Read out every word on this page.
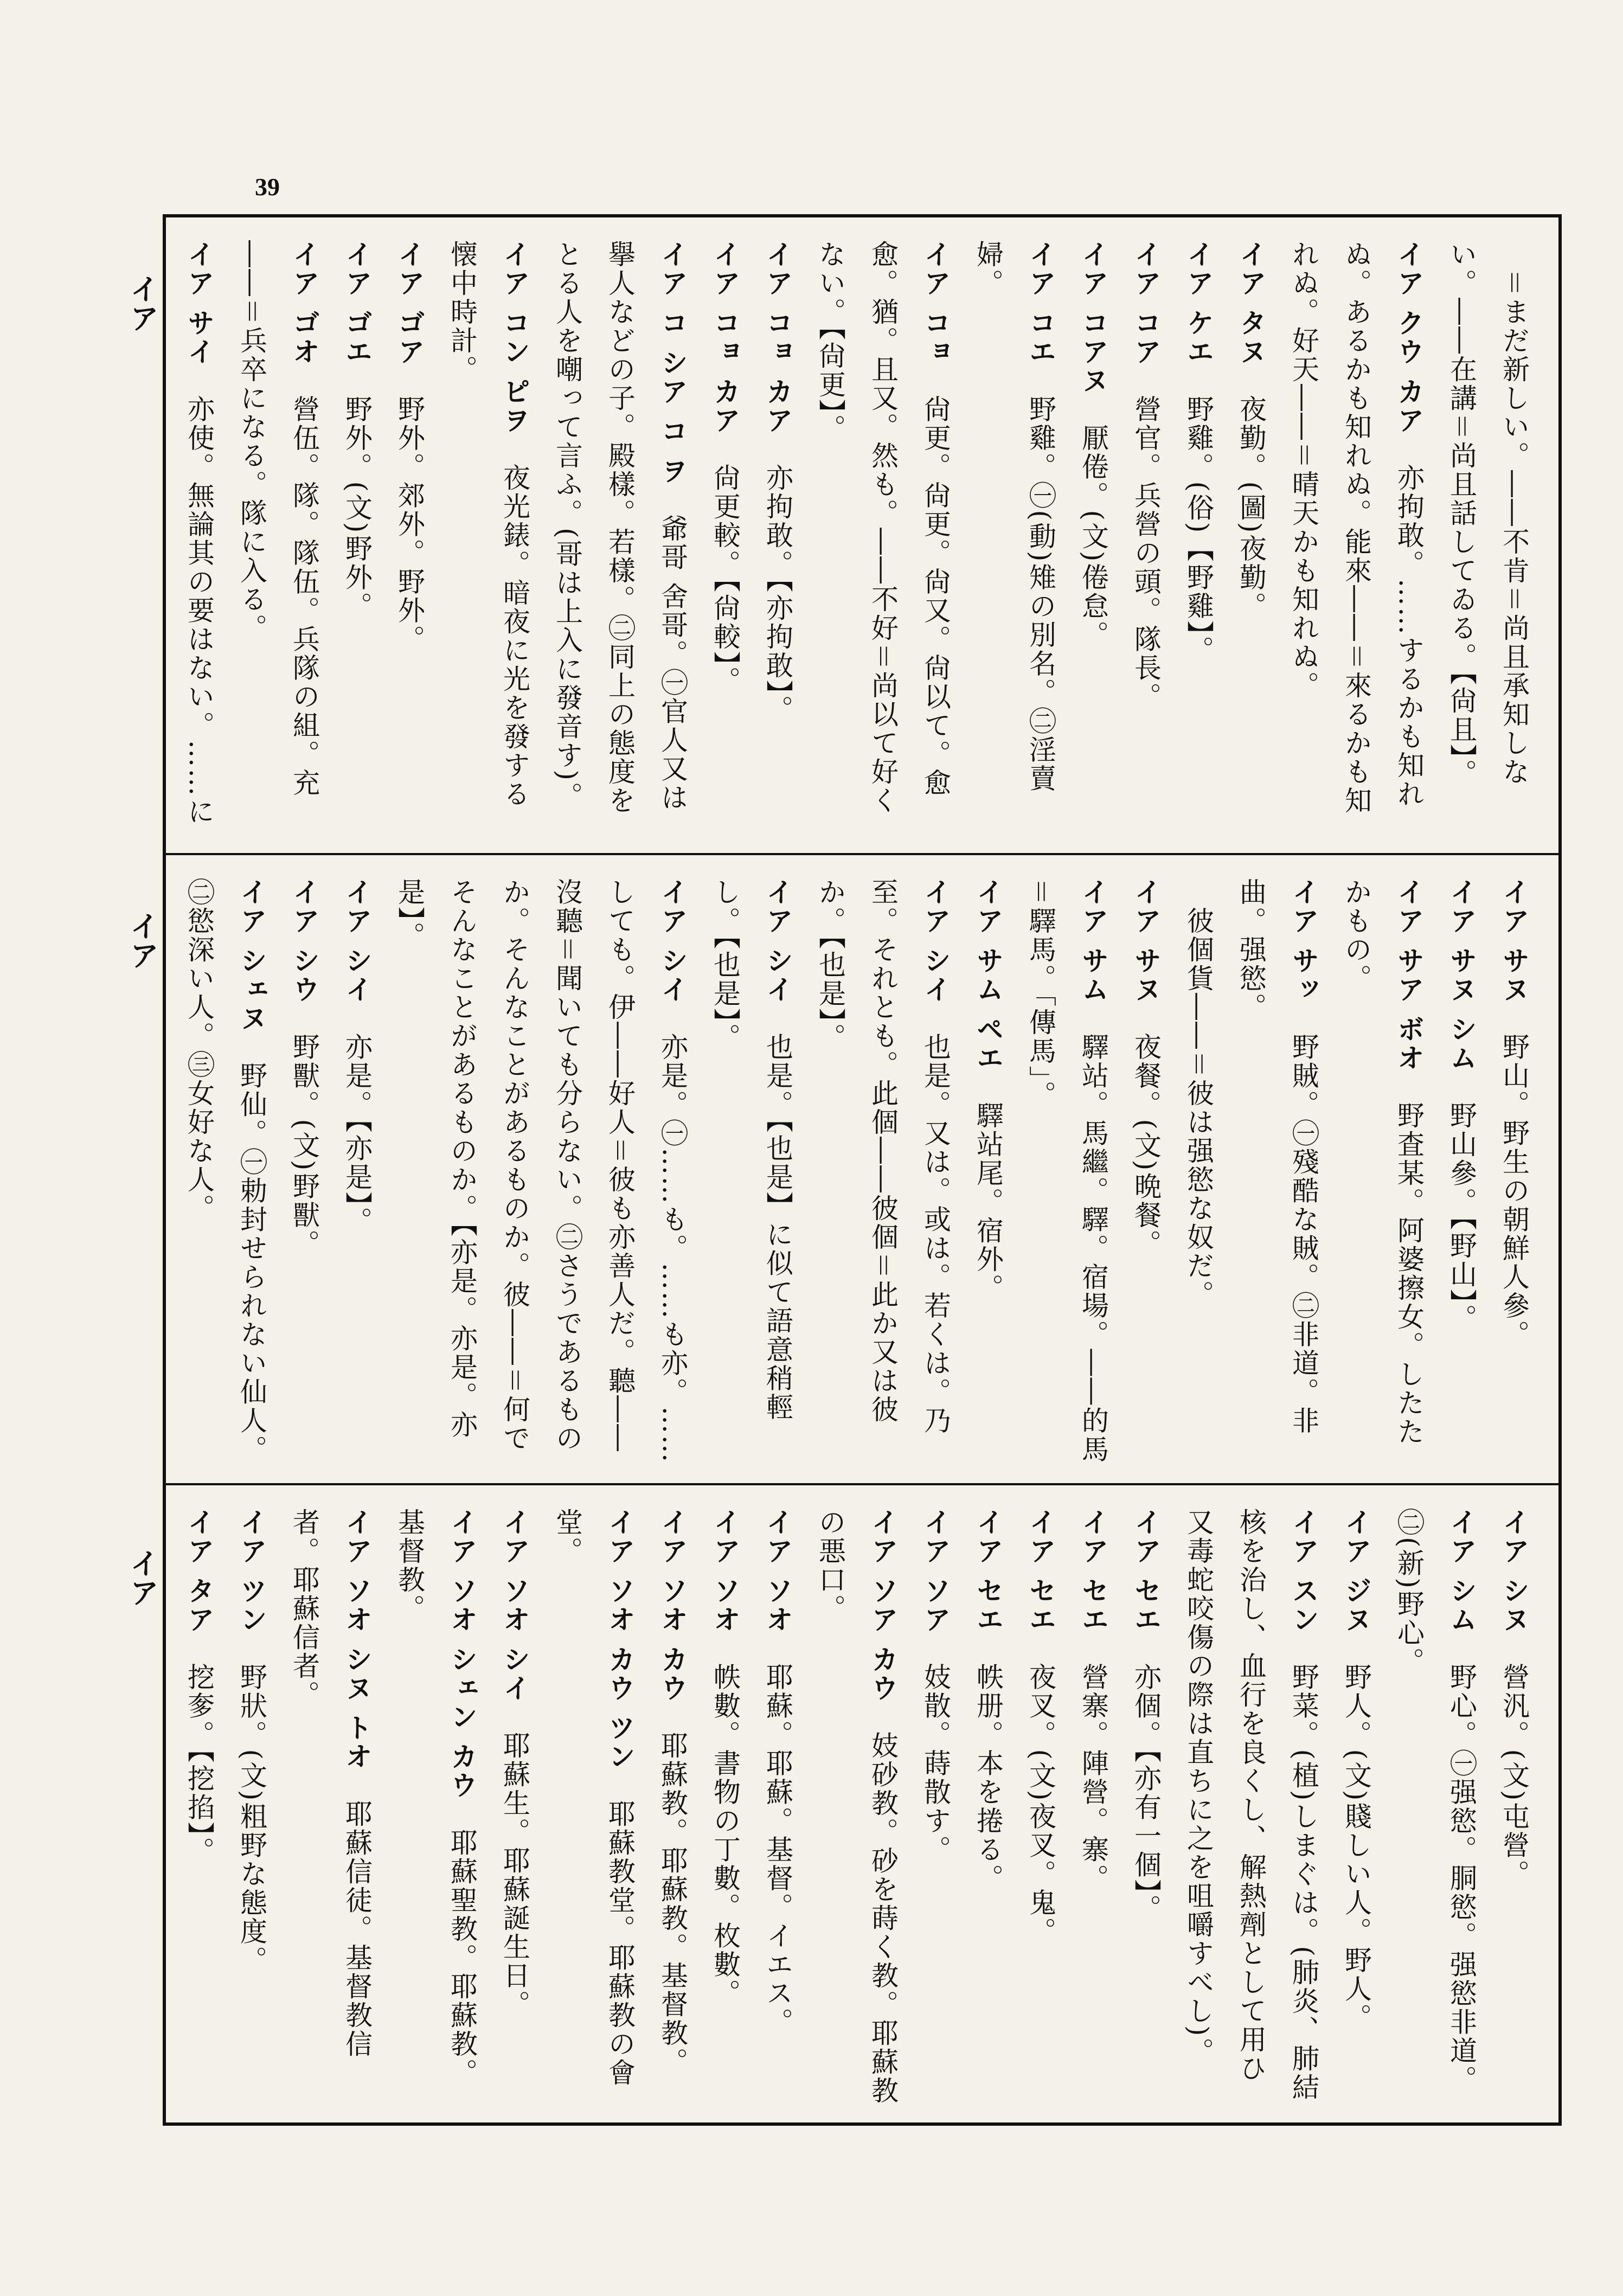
39
イア
イア
イア

　＝まだ新しい。――不肯＝尚且承知しない。――在講＝尚且話してゐる。【尙且】。

イア クウ カア　亦拘敢。……するかも知れぬ。あるかも知れぬ。能來――＝來るかも知れぬ。好天――＝晴天かも知れぬ。

イア タヌ　夜勤。(圖)夜勤。

イア ケエ　野雞。(俗)【野雞】。

イア コア　營官。兵營の頭。隊長。

イア コアヌ　厭倦。(文)倦怠。

イア コエ　野雞。㊀(動)雉の別名。㊁淫賣婦。

イア コョ　尙更。尙更。尙又。尙以て。愈愈。猶。且又。然も。――不好＝尚以て好くない。【尙更】。

イア コョ カア　亦拘敢。【亦拘敢】。

イア コョ カア　尙更較。【尙較】。

イア コ シア コ ヲ　爺哥 舍哥。㊀官人又は擧人などの子。殿樣。若樣。㊁同上の態度をとる人を嘲って言ふ。(哥は上入に發音す)。

イア コン ピヲ　夜光錶。暗夜に光を發する懐中時計。

イア ゴア　野外。郊外。野外。

イア ゴエ　野外。(文)野外。

イア ゴオ　營伍。隊。隊伍。兵隊の組。充――＝兵卒になる。隊に入る。

イア サイ　亦使。無論其の要はない。……に

イア サヌ　野山。野生の朝鮮人參。

イア サヌ シム　野山參。【野山】。

イア サア ボオ　野査某。阿婆擦女。したたかもの。

イア サッ　野賊。㊀殘酷な賊。㊁非道。非曲。强慾。

　彼個貨――＝彼は强慾な奴だ。

イア サヌ　夜餐。(文)晩餐。

イア サム　驛站。馬繼。驛。宿場。――的馬＝驛馬。「傳馬」。

イア サム ペエ　驛站尾。宿外。

イア シイ　也是。又は。或は。若くは。乃至。それとも。此個――彼個＝此か又は彼か。【也是】。

イア シイ　也是。【也是】に似て語意稍輕し。【也是】。

イア シイ　亦是。㊀……も。……も亦。……しても。伊――好人＝彼も亦善人だ。聽――沒聽＝聞いても分らない。㊁さうであるものか。そんなことがあるものか。彼――＝何でそんなことがあるものか。【亦是。亦是。亦是】。

イア シイ　亦是。【亦是】。

イア シウ　野獸。(文)野獸。

イア シェヌ　野仙。㊀勅封せられない仙人。㊁慾深い人。㊂女好な人。

イア シヌ　營汎。(文)屯營。

イア シム　野心。㊀强慾。胴慾。强慾非道。㊁(新)野心。

イア ジヌ　野人。(文)賤しい人。野人。

イア スン　野菜。(植)しまぐは。(肺炎、肺結核を治し、血行を良くし、解熱劑として用ひ又毒蛇咬傷の際は直ちに之を咀嚼すべし)。

イア セエ　亦個。【亦有一個】。

イア セエ　營寨。陣營。寨。

イア セエ　夜叉。(文)夜叉。鬼。

イア セエ　帙册。本を捲る。

イア ソア　妓散。蒔散す。

イア ソア カウ　妓砂教。砂を蒔く教。耶蘇教の悪口。

イア ソオ　耶蘇。耶蘇。基督。イエス。

イア ソオ　帙數。書物の丁數。枚數。

イア ソオ カウ　耶蘇教。耶蘇教。基督教。

イア ソオ カウ ツン　耶蘇教堂。耶蘇教の會堂。

イア ソオ シイ　耶蘇生。耶蘇誕生日。

イア ソオ シェン カウ　耶蘇聖教。耶蘇教。基督教。

イア ソオ シヌ トオ　耶蘇信徒。基督教信者。耶蘇信者。

イア ツン　野狀。(文)粗野な態度。

イア タア　挖奓。【挖掐】。
